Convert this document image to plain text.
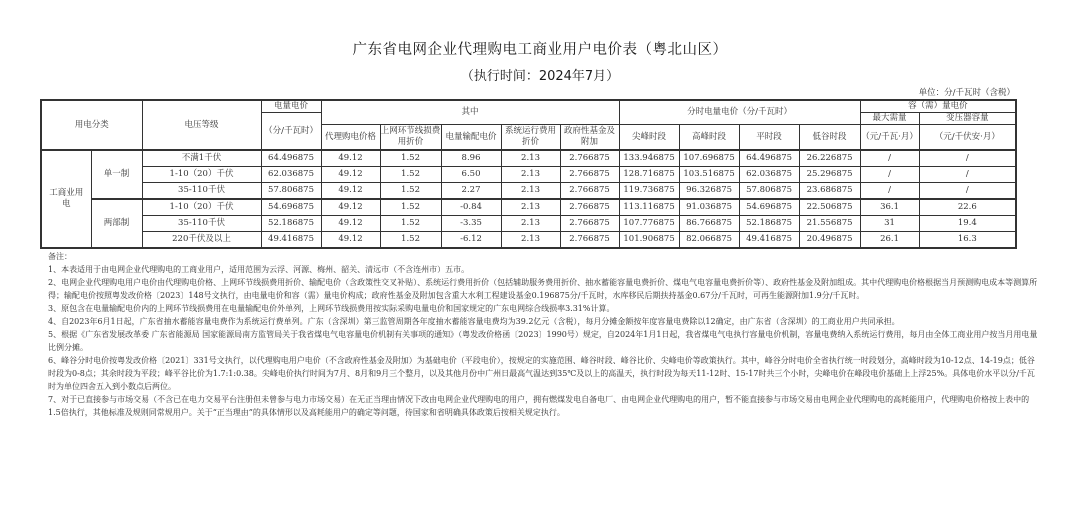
广东省电网企业代理购电工商业用户电价表（粤北山区）
（执行时间：2024年7月）
单位：分/千瓦时（含税）
用电分类		电压等级	电量电价	其中					分时电量电价（分/千瓦时）				容（需）量电价	
			（分/千瓦时）										最大需量	变压器容量
				代理购电价格	上网环节线损费用折价	电量输配电价	系统运行费用折价	政府性基金及附加	尖峰时段	高峰时段	平时段	低谷时段	（元/千瓦·月）	（元/千伏安·月）
工商业用电	单一制	不满1千伏	64.496875	49.12	1.52	8.96	2.13	2.766875	133.946875	107.696875	64.496875	26.226875	/	/
		1-10（20）千伏	62.036875	49.12	1.52	6.50	2.13	2.766875	128.716875	103.516875	62.036875	25.296875	/	/
		35-110千伏	57.806875	49.12	1.52	2.27	2.13	2.766875	119.736875	96.326875	57.806875	23.686875	/	/
	两部制	1-10（20）千伏	54.696875	49.12	1.52	-0.84	2.13	2.766875	113.116875	91.036875	54.696875	22.506875	36.1	22.6
		35-110千伏	52.186875	49.12	1.52	-3.35	2.13	2.766875	107.776875	86.766875	52.186875	21.556875	31	19.4
		220千伏及以上	49.416875	49.12	1.52	-6.12	2.13	2.766875	101.906875	82.066875	49.416875	20.496875	26.1	16.3

备注：

1、本表适用于由电网企业代理购电的工商业用户，适用范围为云浮、河源、梅州、韶关、清远市（不含连州市）五市。

2、电网企业代理购电用户电价由代理购电价格、上网环节线损费用折价、输配电价（含政策性交叉补贴）、系统运行费用折价（包括辅助服务费用折价、抽水蓄能容量电费折价、煤电气电容量电费折价等）、政府性基金及附加组成。其中代理购电价格根据当月预测购电成本等测算所得；输配电价按照粤发改价格〔2023〕148号文执行，由电量电价和容（需）量电价构成；政府性基金及附加包含重大水利工程建设基金0.196875分/千瓦时，水库移民后期扶持基金0.67分/千瓦时，可再生能源附加1.9分/千瓦时。

3、原包含在电量输配电价内的上网环节线损费用在电量输配电价外单列，上网环节线损费用按实际采购电量电价和国家规定的广东电网综合线损率3.31%计算。

4、自2023年6月1日起，广东省抽水蓄能容量电费作为系统运行费单列。广东（含深圳）第三监管周期各年度抽水蓄能容量电费均为39.2亿元（含税），每月分摊金额按年度容量电费除以12确定，由广东省（含深圳）的工商业用户共同承担。

5、根据《广东省发展改革委 广东省能源局 国家能源局南方监管局关于我省煤电气电容量电价机制有关事项的通知》（粤发改价格函〔2023〕1990号）规定，自2024年1月1日起，我省煤电气电执行容量电价机制，容量电费纳入系统运行费用，每月由全体工商业用户按当月用电量比例分摊。

6、峰谷分时电价按粤发改价格〔2021〕331号文执行，以代理购电用户电价（不含政府性基金及附加）为基础电价（平段电价），按规定的实施范围、峰谷时段、峰谷比价、尖峰电价等政策执行。其中，峰谷分时电价全省执行统一时段划分，高峰时段为10-12点、14-19点；低谷时段为0-8点；其余时段为平段；峰平谷比价为1.7:1:0.38。尖峰电价执行时间为7月、8月和9月三个整月，以及其他月份中广州日最高气温达到35℃及以上的高温天，执行时段为每天11-12时、15-17时共三个小时，尖峰电价在峰段电价基础上上浮25%。具体电价水平以分/千瓦时为单位四舍五入到小数点后两位。

7、对于已直接参与市场交易（不含已在电力交易平台注册但未曾参与电力市场交易）在无正当理由情况下改由电网企业代理购电的用户，拥有燃煤发电自备电厂、由电网企业代理购电的用户，暂不能直接参与市场交易由电网企业代理购电的高耗能用户，代理购电价格按上表中的1.5倍执行，其他标准及规则同常规用户。关于“正当理由”的具体情形以及高耗能用户的确定等问题，待国家和省明确具体政策后按相关规定执行。
